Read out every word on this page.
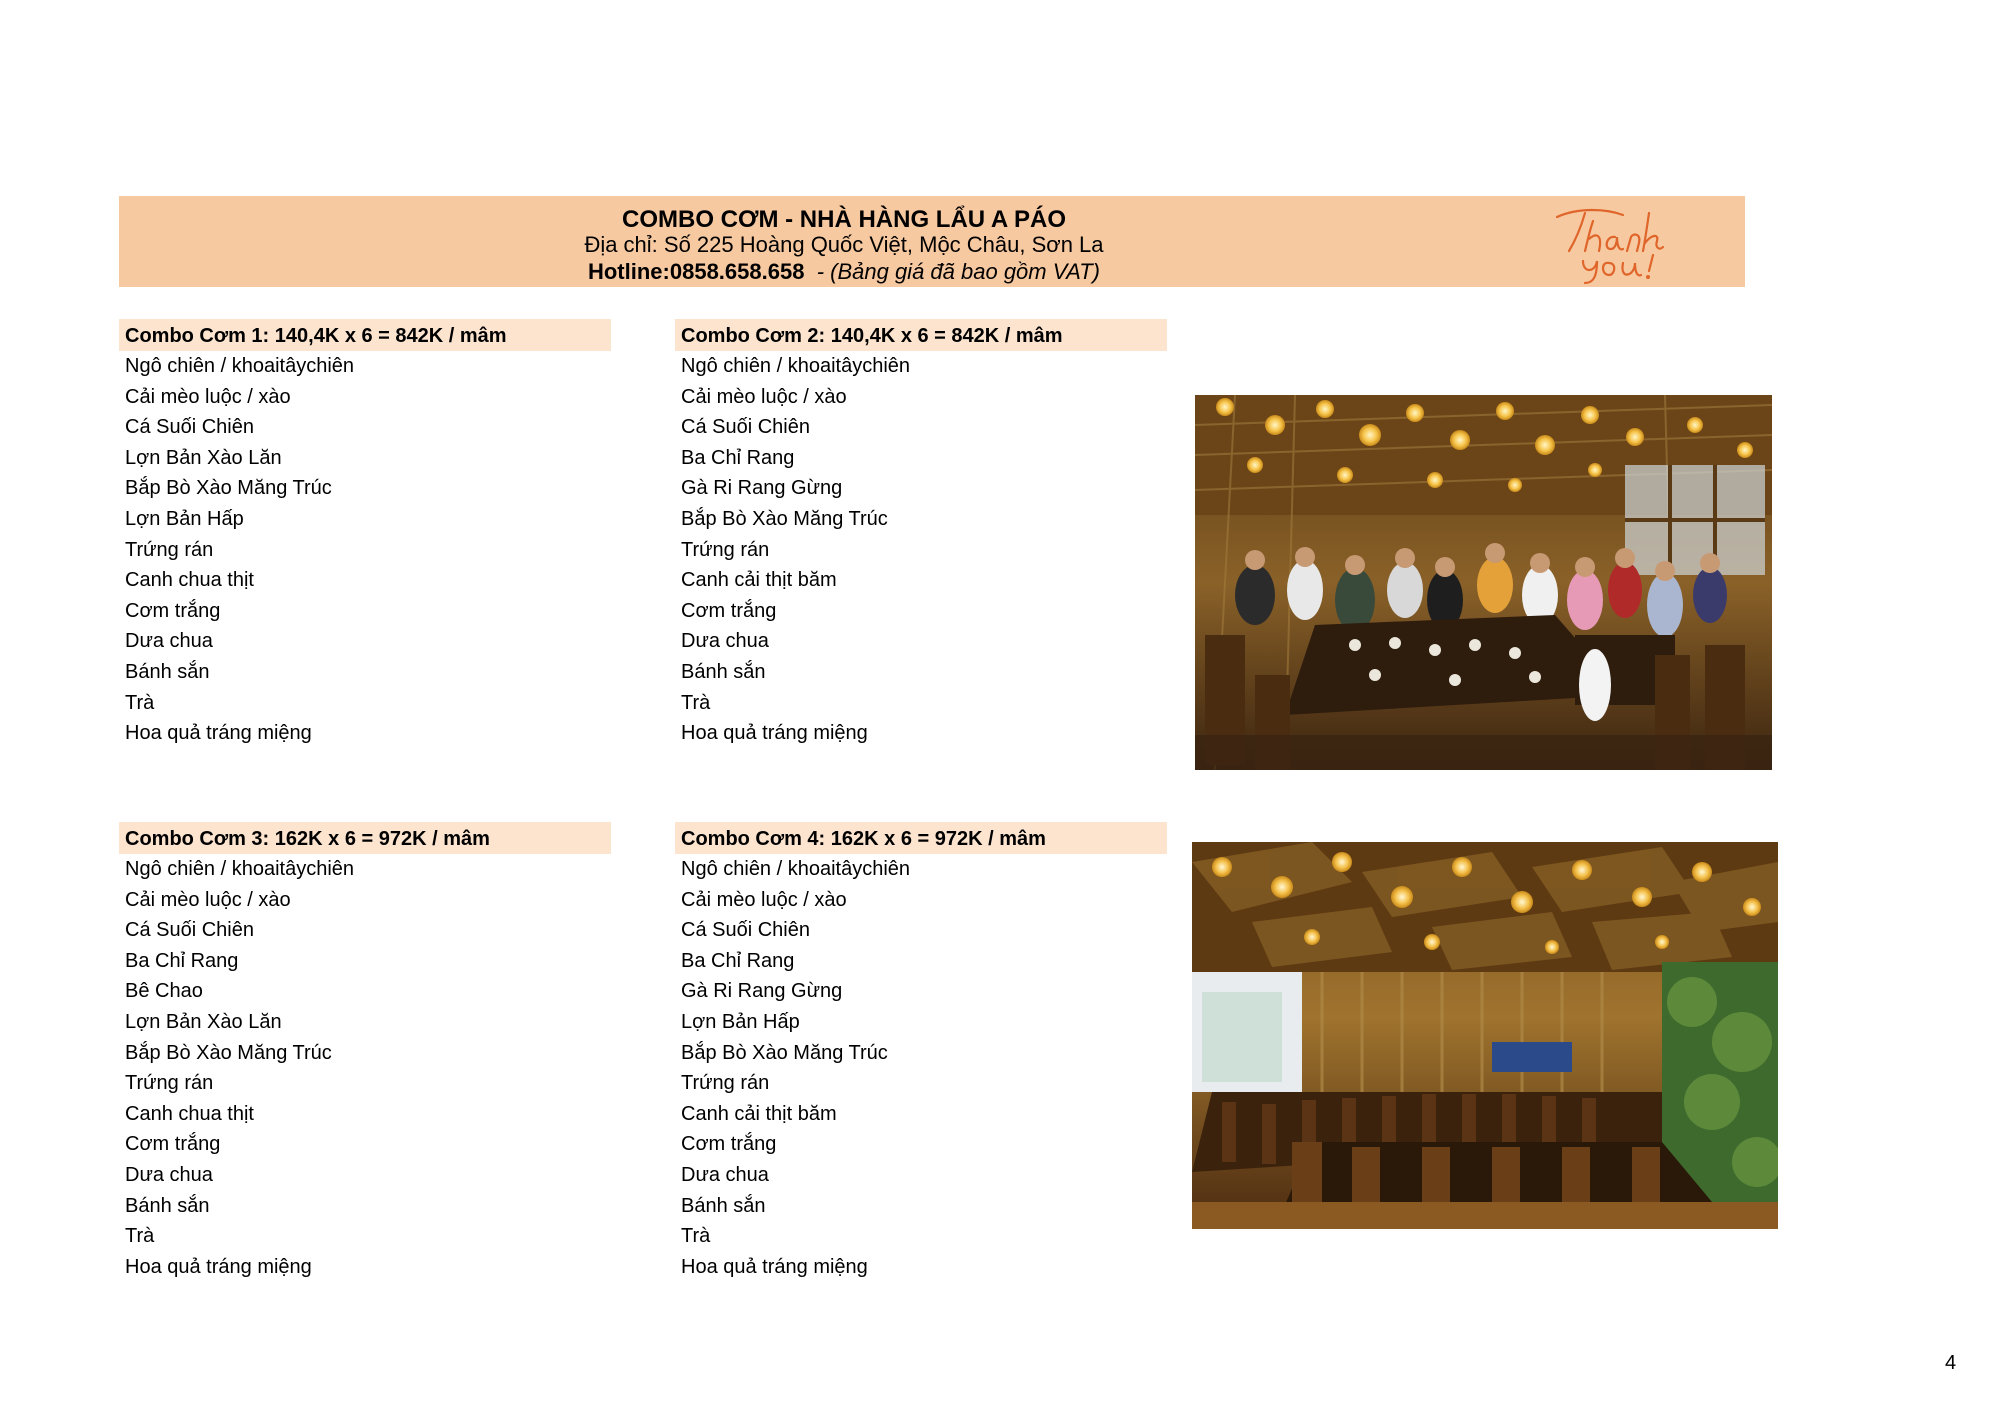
COMBO CƠM - NHÀ HÀNG LẨU A PÁO
Địa chỉ: Số 225 Hoàng Quốc Việt, Mộc Châu, Sơn La
Hotline:0858.658.658 - (Bảng giá đã bao gồm VAT)
Combo Cơm 1: 140,4K x 6 = 842K / mâm
Ngô chiên / khoaitâychiên
Cải mèo luộc / xào
Cá Suối Chiên
Lợn Bản Xào Lăn
Bắp Bò Xào Măng Trúc
Lợn Bản Hấp
Trứng rán
Canh chua thịt
Cơm trắng
Dưa chua
Bánh sắn
Trà
Hoa quả tráng miệng
Combo Cơm 2: 140,4K x 6 = 842K / mâm
Ngô chiên / khoaitâychiên
Cải mèo luộc / xào
Cá Suối Chiên
Ba Chỉ Rang
Gà Ri Rang Gừng
Bắp Bò Xào Măng Trúc
Trứng rán
Canh cải thịt băm
Cơm trắng
Dưa chua
Bánh sắn
Trà
Hoa quả tráng miệng
Combo Cơm 3: 162K x 6 = 972K / mâm
Ngô chiên / khoaitâychiên
Cải mèo luộc / xào
Cá Suối Chiên
Ba Chỉ Rang
Bê Chao
Lợn Bản Xào Lăn
Bắp Bò Xào Măng Trúc
Trứng rán
Canh chua thịt
Cơm trắng
Dưa chua
Bánh sắn
Trà
Hoa quả tráng miệng
Combo Cơm 4: 162K x 6 = 972K / mâm
Ngô chiên / khoaitâychiên
Cải mèo luộc / xào
Cá Suối Chiên
Ba Chỉ Rang
Gà Ri Rang Gừng
Lợn Bản Hấp
Bắp Bò Xào Măng Trúc
Trứng rán
Canh cải thịt băm
Cơm trắng
Dưa chua
Bánh sắn
Trà
Hoa quả tráng miệng
4
